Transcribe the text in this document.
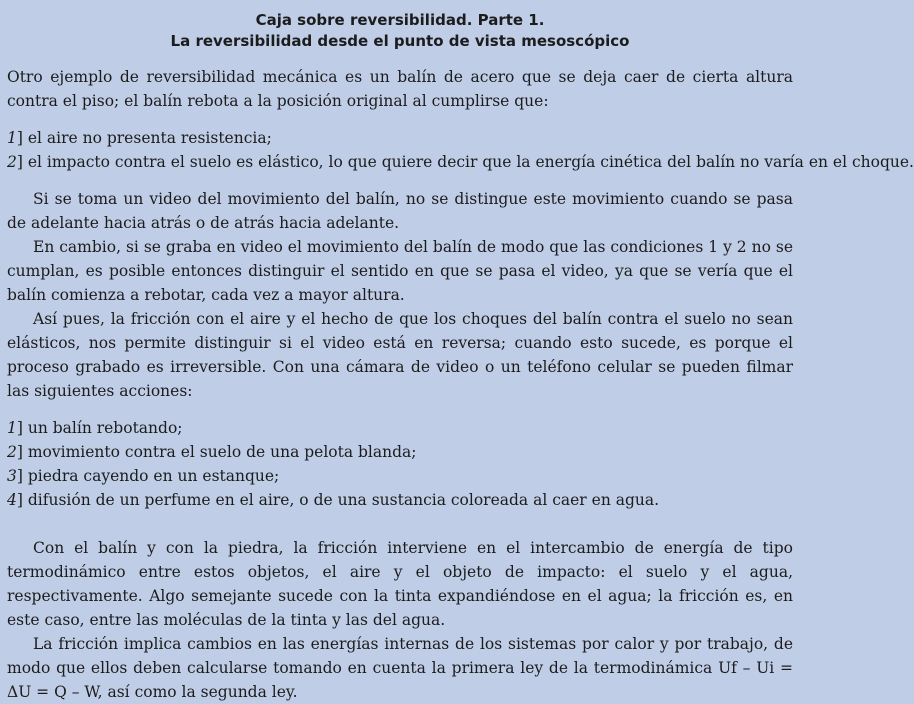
Caja sobre reversibilidad. Parte 1.
La reversibilidad desde el punto de vista mesoscópico

Otro ejemplo de reversibilidad mecánica es un balín de acero que se deja caer de cierta altura contra el piso; el balín rebota a la posición original al cumplirse que:

1] el aire no presenta resistencia;
2] el impacto contra el suelo es elástico, lo que quiere decir que la energía cinética del balín no varía en el choque.

Si se toma un video del movimiento del balín, no se distingue este movimiento cuando se pasa de adelante hacia atrás o de atrás hacia adelante.

En cambio, si se graba en video el movimiento del balín de modo que las condiciones 1 y 2 no se cumplan, es posible entonces distinguir el sentido en que se pasa el video, ya que se vería que el balín comienza a rebotar, cada vez a mayor altura.

Así pues, la fricción con el aire y el hecho de que los choques del balín contra el suelo no sean elásticos, nos permite distinguir si el video está en reversa; cuando esto sucede, es porque el proceso grabado es irreversible. Con una cámara de video o un teléfono celular se pueden filmar las siguientes acciones:

1] un balín rebotando;
2] movimiento contra el suelo de una pelota blanda;
3] piedra cayendo en un estanque;
4] difusión de un perfume en el aire, o de una sustancia coloreada al caer en agua.

Con el balín y con la piedra, la fricción interviene en el intercambio de energía de tipo termodinámico entre estos objetos, el aire y el objeto de impacto: el suelo y el agua, respectivamente. Algo semejante sucede con la tinta expandiéndose en el agua; la fricción es, en este caso, entre las moléculas de la tinta y las del agua.

La fricción implica cambios en las energías internas de los sistemas por calor y por trabajo, de modo que ellos deben calcularse tomando en cuenta la primera ley de la termodinámica Uf – Ui = ΔU = Q – W, así como la segunda ley.
